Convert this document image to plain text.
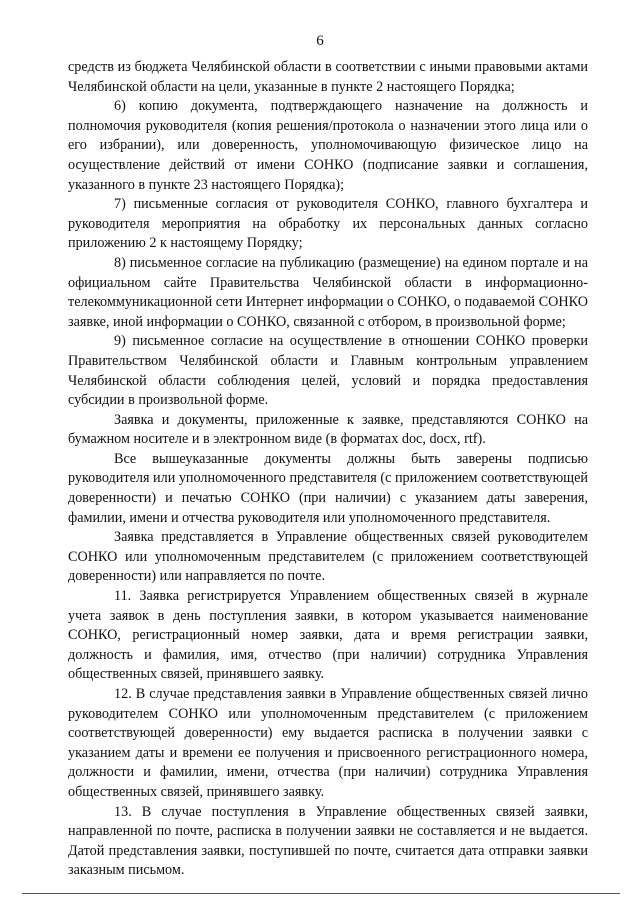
6

средств из бюджета Челябинской области в соответствии с иными правовыми актами Челябинской области на цели, указанные в пункте 2 настоящего Порядка;

6) копию документа, подтверждающего назначение на должность и полномочия руководителя (копия решения/протокола о назначении этого лица или о его избрании), или доверенность, уполномочивающую физическое лицо на осуществление действий от имени СОНКО (подписание заявки и соглашения, указанного в пункте 23 настоящего Порядка);

7) письменные согласия от руководителя СОНКО, главного бухгалтера и руководителя мероприятия на обработку их персональных данных согласно приложению 2 к настоящему Порядку;

8) письменное согласие на публикацию (размещение) на едином портале и на официальном сайте Правительства Челябинской области в информационно-телекоммуникационной сети Интернет информации о СОНКО, о подаваемой СОНКО заявке, иной информации о СОНКО, связанной с отбором, в произвольной форме;

9) письменное согласие на осуществление в отношении СОНКО проверки Правительством Челябинской области и Главным контрольным управлением Челябинской области соблюдения целей, условий и порядка предоставления субсидии в произвольной форме.

Заявка и документы, приложенные к заявке, представляются СОНКО на бумажном носителе и в электронном виде (в форматах doc, docx, rtf).

Все вышеуказанные документы должны быть заверены подписью руководителя или уполномоченного представителя (с приложением соответствующей доверенности) и печатью СОНКО (при наличии) с указанием даты заверения, фамилии, имени и отчества руководителя или уполномоченного представителя.

Заявка представляется в Управление общественных связей руководителем СОНКО или уполномоченным представителем (с приложением соответствующей доверенности) или направляется по почте.

11. Заявка регистрируется Управлением общественных связей в журнале учета заявок в день поступления заявки, в котором указывается наименование СОНКО, регистрационный номер заявки, дата и время регистрации заявки, должность и фамилия, имя, отчество (при наличии) сотрудника Управления общественных связей, принявшего заявку.

12. В случае представления заявки в Управление общественных связей лично руководителем СОНКО или уполномоченным представителем (с приложением соответствующей доверенности) ему выдается расписка в получении заявки с указанием даты и времени ее получения и присвоенного регистрационного номера, должности и фамилии, имени, отчества (при наличии) сотрудника Управления общественных связей, принявшего заявку.

13. В случае поступления в Управление общественных связей заявки, направленной по почте, расписка в получении заявки не составляется и не выдается. Датой представления заявки, поступившей по почте, считается дата отправки заявки заказным письмом.
